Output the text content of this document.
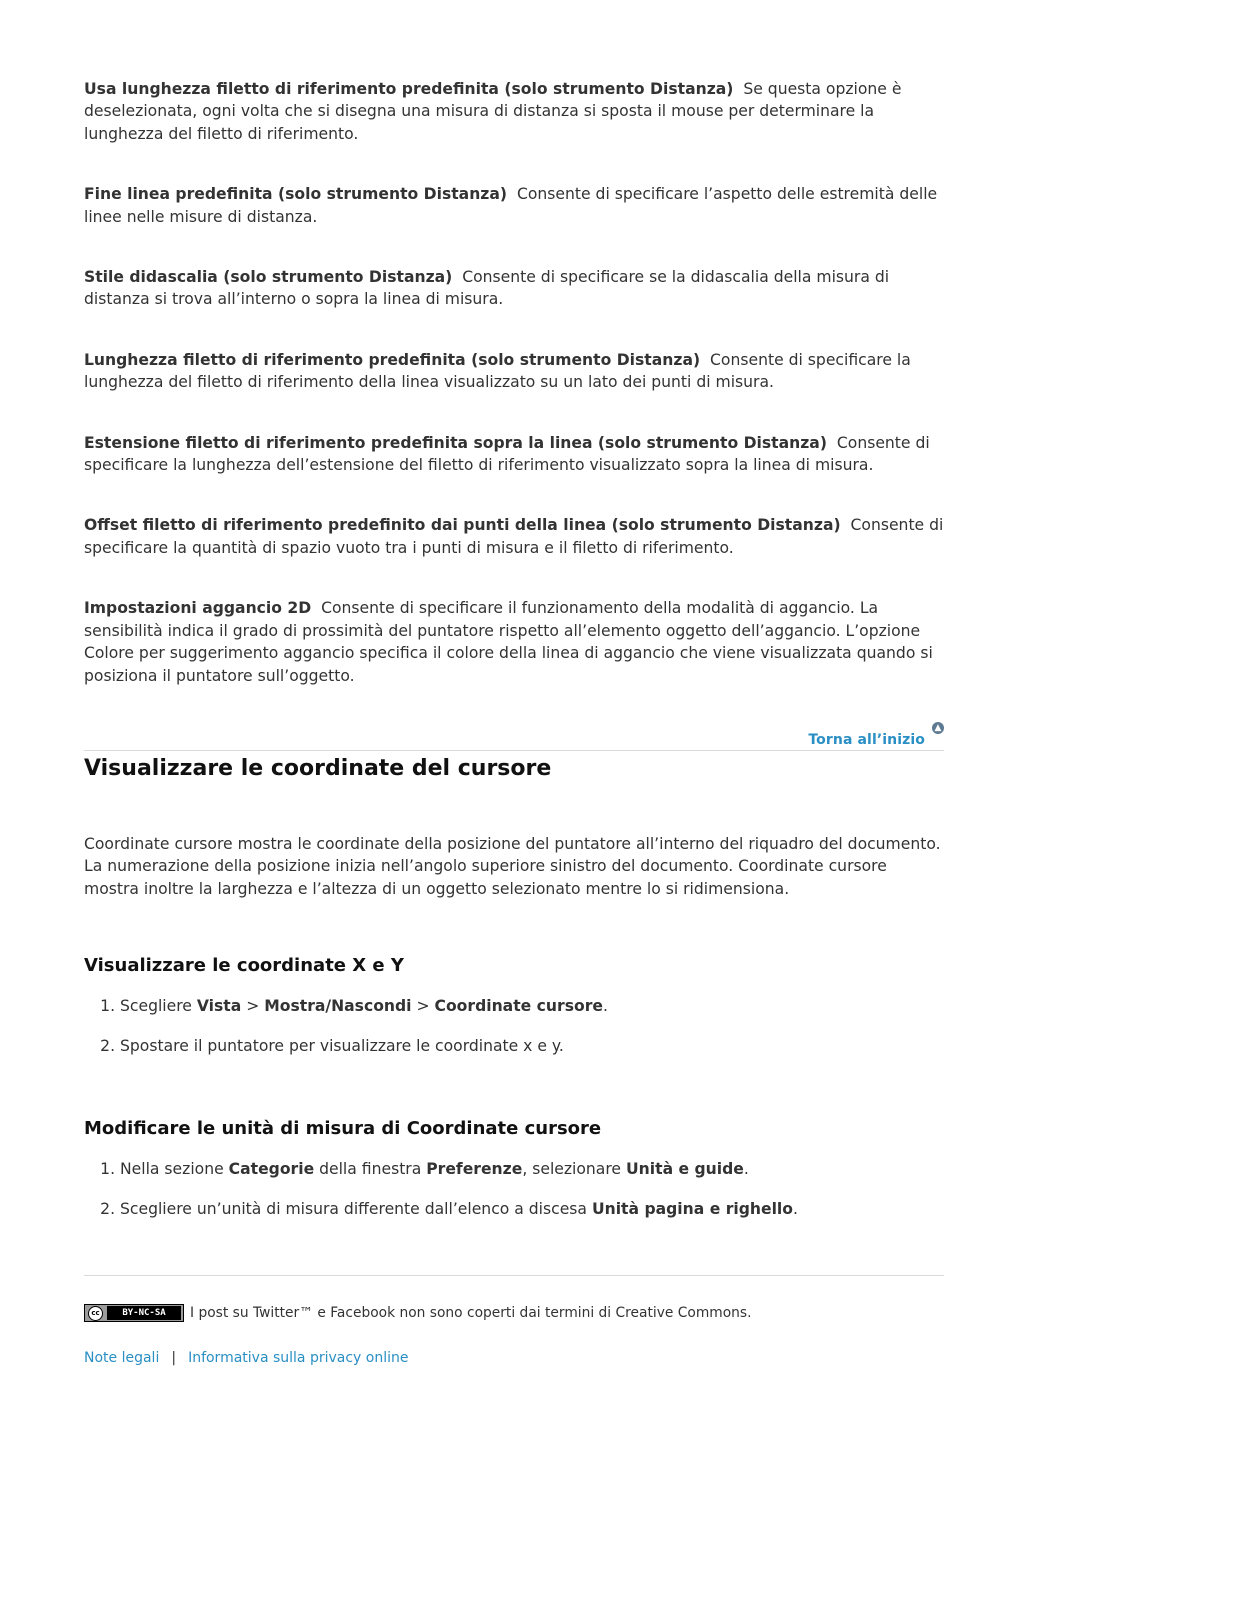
Usa lunghezza filetto di riferimento predefinita (solo strumento Distanza) Se questa opzione è deselezionata, ogni volta che si disegna una misura di distanza si sposta il mouse per determinare la lunghezza del filetto di riferimento.

Fine linea predefinita (solo strumento Distanza) Consente di specificare l’aspetto delle estremità delle linee nelle misure di distanza.

Stile didascalia (solo strumento Distanza) Consente di specificare se la didascalia della misura di distanza si trova all’interno o sopra la linea di misura.

Lunghezza filetto di riferimento predefinita (solo strumento Distanza) Consente di specificare la lunghezza del filetto di riferimento della linea visualizzato su un lato dei punti di misura.

Estensione filetto di riferimento predefinita sopra la linea (solo strumento Distanza) Consente di specificare la lunghezza dell’estensione del filetto di riferimento visualizzato sopra la linea di misura.

Offset filetto di riferimento predefinito dai punti della linea (solo strumento Distanza) Consente di specificare la quantità di spazio vuoto tra i punti di misura e il filetto di riferimento.

Impostazioni aggancio 2D Consente di specificare il funzionamento della modalità di aggancio. La sensibilità indica il grado di prossimità del puntatore rispetto all’elemento oggetto dell’aggancio. L’opzione Colore per suggerimento aggancio specifica il colore della linea di aggancio che viene visualizzata quando si posiziona il puntatore sull’oggetto.

Torna all’inizio
▲
Visualizzare le coordinate del cursore

Coordinate cursore mostra le coordinate della posizione del puntatore all’interno del riquadro del documento. La numerazione della posizione inizia nell’angolo superiore sinistro del documento. Coordinate cursore mostra inoltre la larghezza e l’altezza di un oggetto selezionato mentre lo si ridimensiona.

Visualizzare le coordinate X e Y
1. Scegliere Vista > Mostra/Nascondi > Coordinate cursore.
2. Spostare il puntatore per visualizzare le coordinate x e y.
Modificare le unità di misura di Coordinate cursore
1. Nella sezione Categorie della finestra Preferenze, selezionare Unità e guide.
2. Scegliere un’unità di misura differente dall’elenco a discesa Unità pagina e righello.
cc	BY-NC-SA	I post su Twitter™ e Facebook non sono coperti dai termini di Creative Commons.
Note legali | Informativa sulla privacy online
